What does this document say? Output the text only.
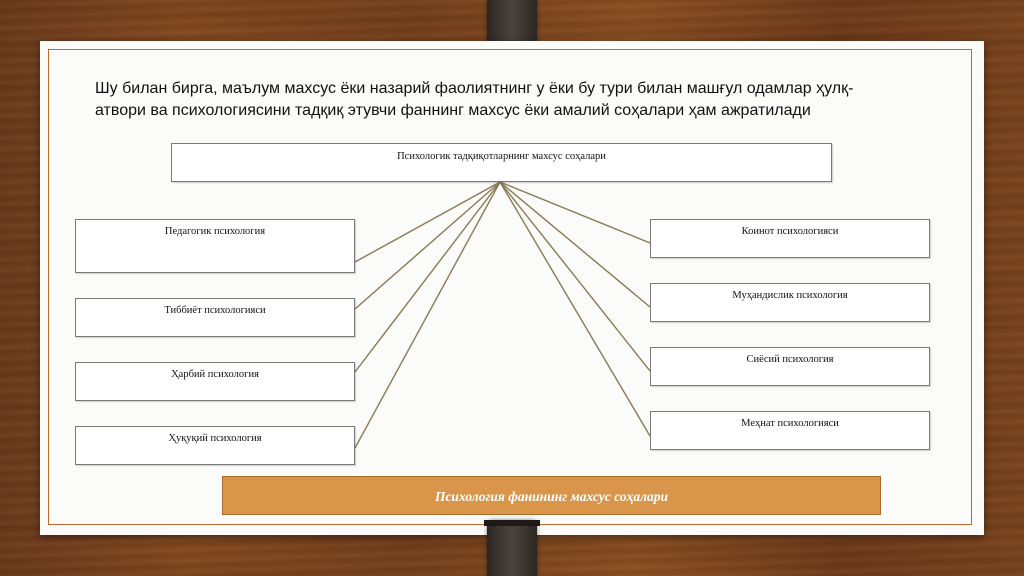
Шу билан бирга, маълум махсус ёки назарий фаолиятнинг у ёки бу тури билан машғул одамлар ҳулқ-
атвори ва психологиясини тадқиқ этувчи фаннинг махсус ёки амалий соҳалари ҳам ажратилади
Психологик тадқиқотларнинг махсус соҳалари
Педагогик психология
Тиббиёт психологияси
Ҳарбий психология
Ҳуқуқий психология
Коинот психологияси
Муҳандислик психология
Сиёсий психология
Меҳнат психологияси
Психология фанининг махсус соҳалари
